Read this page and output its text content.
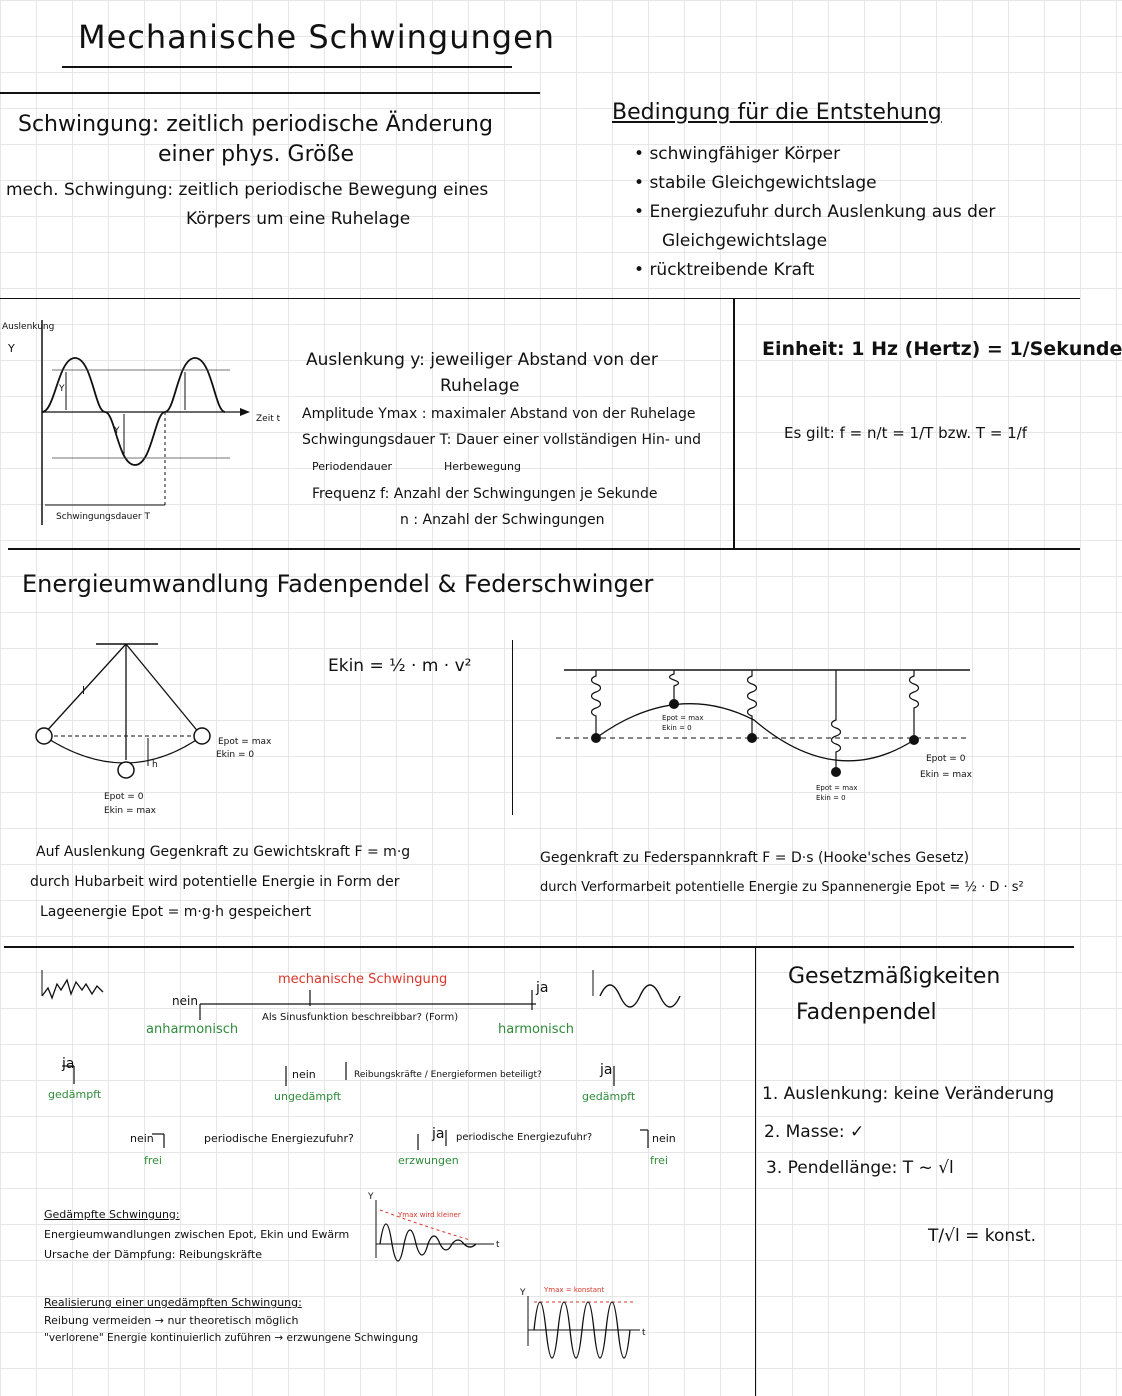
Mechanische Schwingungen
Schwingung: zeitlich periodische Änderung
einer phys. Größe
mech. Schwingung: zeitlich periodische Bewegung eines
Körpers um eine Ruhelage
Bedingung für die Entstehung
• schwingfähiger Körper
• stabile Gleichgewichtslage
• Energiezufuhr durch Auslenkung aus der
Gleichgewichtslage
• rücktreibende Kraft
Auslenkung
Y
Y
Y
Zeit t
Schwingungsdauer T
Auslenkung y: jeweiliger Abstand von der
Ruhelage
Amplitude Ymax : maximaler Abstand von der Ruhelage
Schwingungsdauer T: Dauer einer vollständigen Hin- und
Periodendauer	Herbewegung
Frequenz f: Anzahl der Schwingungen je Sekunde
n : Anzahl der Schwingungen
Einheit: 1 Hz (Hertz) = 1/Sekunde
Es gilt: f = n/t = 1/T bzw. T = 1/f
Energieumwandlung Fadenpendel & Federschwinger
Ekin = ½ · m · v²
l
h
Epot = max
Ekin = 0
Epot = 0
Ekin = max
Auf Auslenkung Gegenkraft zu Gewichtskraft F = m·g
durch Hubarbeit wird potentielle Energie in Form der
Lageenergie Epot = m·g·h gespeichert
Epot = max
Ekin = 0
Epot = max
Ekin = 0
Epot = 0
Ekin = max
Gegenkraft zu Federspannkraft F = D·s (Hooke'sches Gesetz)
durch Verformarbeit potentielle Energie zu Spannenergie Epot = ½ · D · s²
Y
t
Y
t
mechanische Schwingung
Als Sinusfunktion beschreibbar? (Form)
nein
ja
anharmonisch	harmonisch
ja
gedämpft
Reibungskräfte / Energieformen beteiligt?
nein	ja
ungedämpft	gedämpft
periodische Energiezufuhr?	periodische Energiezufuhr?
nein	ja	nein
frei	erzwungen	frei
Ymax wird kleiner
Ymax = konstant
Gedämpfte Schwingung:
Energieumwandlungen zwischen Epot, Ekin und Ewärm
Ursache der Dämpfung: Reibungskräfte
Realisierung einer ungedämpften Schwingung:
Reibung vermeiden → nur theoretisch möglich
"verlorene" Energie kontinuierlich zuführen → erzwungene Schwingung
Gesetzmäßigkeiten
Fadenpendel
1. Auslenkung: keine Veränderung
2. Masse: ✓
3. Pendellänge: T ~ √l
T/√l = konst.
